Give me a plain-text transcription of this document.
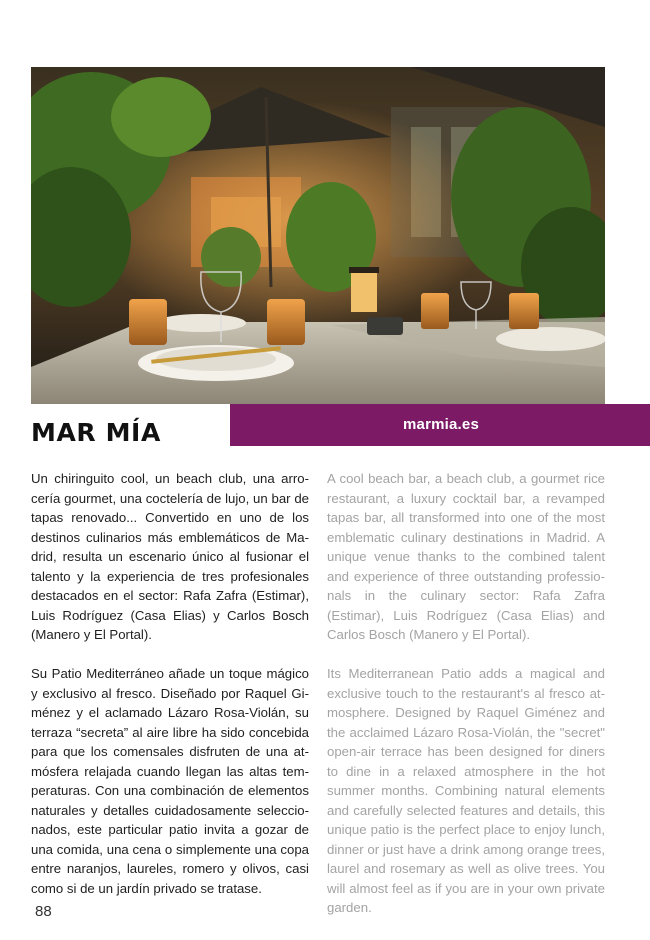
marmia.es
MAR MÍA

Un chiringuito cool, un beach club, una arrocería gourmet, una coctelería de lujo, un bar de tapas renovado... Convertido en uno de los destinos culinarios más emblemáticos de Madrid, resulta un escenario único al fusionar el talento y la experiencia de tres profesionales destacados en el sector: Rafa Zafra (Estimar), Luis Rodríguez (Casa Elias) y Carlos Bosch (Manero y El Portal).

Su Patio Mediterráneo añade un toque mágico y exclusivo al fresco. Diseñado por Raquel Giménez y el aclamado Lázaro Rosa-Violán, su terraza “secreta” al aire libre ha sido concebida para que los comensales disfruten de una atmósfera relajada cuando llegan las altas temperaturas. Con una combinación de elementos naturales y detalles cuidadosamente seleccionados, este particular patio invita a gozar de una comida, una cena o simplemente una copa entre naranjos, laureles, romero y olivos, casi como si de un jardín privado se tratase.

A cool beach bar, a beach club, a gourmet rice restaurant, a luxury cocktail bar, a revamped tapas bar, all transformed into one of the most emblematic culinary destinations in Madrid. A unique venue thanks to the combined talent and experience of three outstanding professionals in the culinary sector: Rafa Zafra (Estimar), Luis Rodríguez (Casa Elias) and Carlos Bosch (Manero y El Portal).

Its Mediterranean Patio adds a magical and exclusive touch to the restaurant's al fresco atmosphere. Designed by Raquel Giménez and the acclaimed Lázaro Rosa-Violán, the "secret" open-air terrace has been designed for diners to dine in a relaxed atmosphere in the hot summer months. Combining natural elements and carefully selected features and details, this unique patio is the perfect place to enjoy lunch, dinner or just have a drink among orange trees, laurel and rosemary as well as olive trees. You will almost feel as if you are in your own private garden.

88
